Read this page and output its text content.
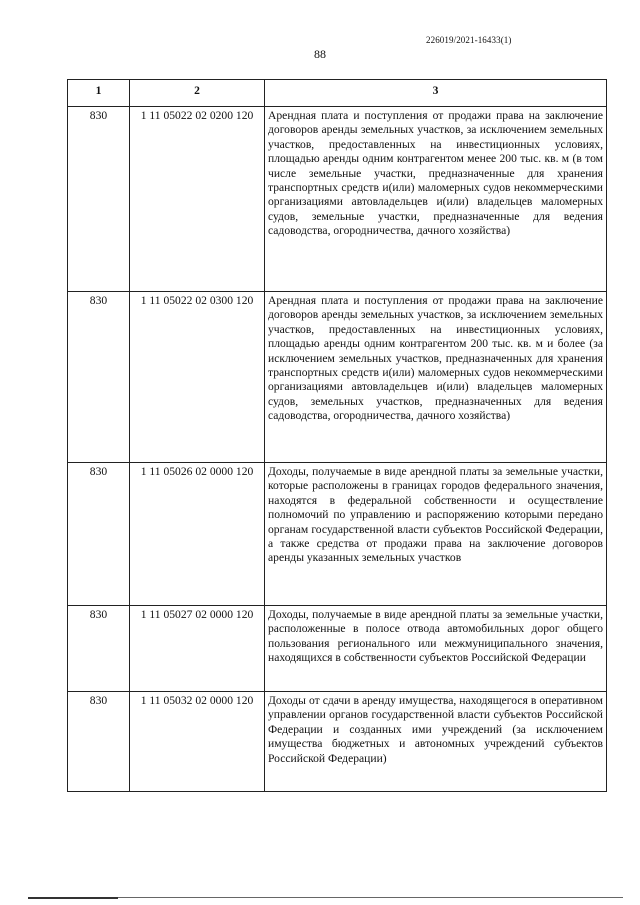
226019/2021-16433(1)
88
1	2	3
830	1 11 05022 02 0200 120	Арендная плата и поступления от продажи права на заключение договоров аренды земельных участков, за исключением земельных участков, предоставленных на инвестиционных условиях, площадью аренды одним контрагентом менее 200 тыс. кв. м (в том числе земельные участки, предназначенные для хранения транспортных средств и(или) маломерных судов некоммерческими организациями автовладельцев и(или) владельцев маломерных судов, земельные участки, предназначенные для ведения садоводства, огородничества, дачного хозяйства)
830	1 11 05022 02 0300 120	Арендная плата и поступления от продажи права на заключение договоров аренды земельных участков, за исключением земельных участков, предоставленных на инвестиционных условиях, площадью аренды одним контрагентом 200 тыс. кв. м и более (за исключением земельных участков, предназначенных для хранения транспортных средств и(или) маломерных судов некоммерческими организациями автовладельцев и(или) владельцев маломерных судов, земельных участков, предназначенных для ведения садоводства, огородничества, дачного хозяйства)
830	1 11 05026 02 0000 120	Доходы, получаемые в виде арендной платы за земельные участки, которые расположены в границах городов федерального значения, находятся в федеральной собственности и осуществление полномочий по управлению и распоряжению которыми передано органам государственной власти субъектов Российской Федерации, а также средства от продажи права на заключение договоров аренды указанных земельных участков
830	1 11 05027 02 0000 120	Доходы, получаемые в виде арендной платы за земельные участки, расположенные в полосе отвода автомобильных дорог общего пользования регионального или межмуниципального значения, находящихся в собственности субъектов Российской Федерации
830	1 11 05032 02 0000 120	Доходы от сдачи в аренду имущества, находящегося в оперативном управлении органов государственной власти субъектов Российской Федерации и созданных ими учреждений (за исключением имущества бюджетных и автономных учреждений субъектов Российской Федерации)
